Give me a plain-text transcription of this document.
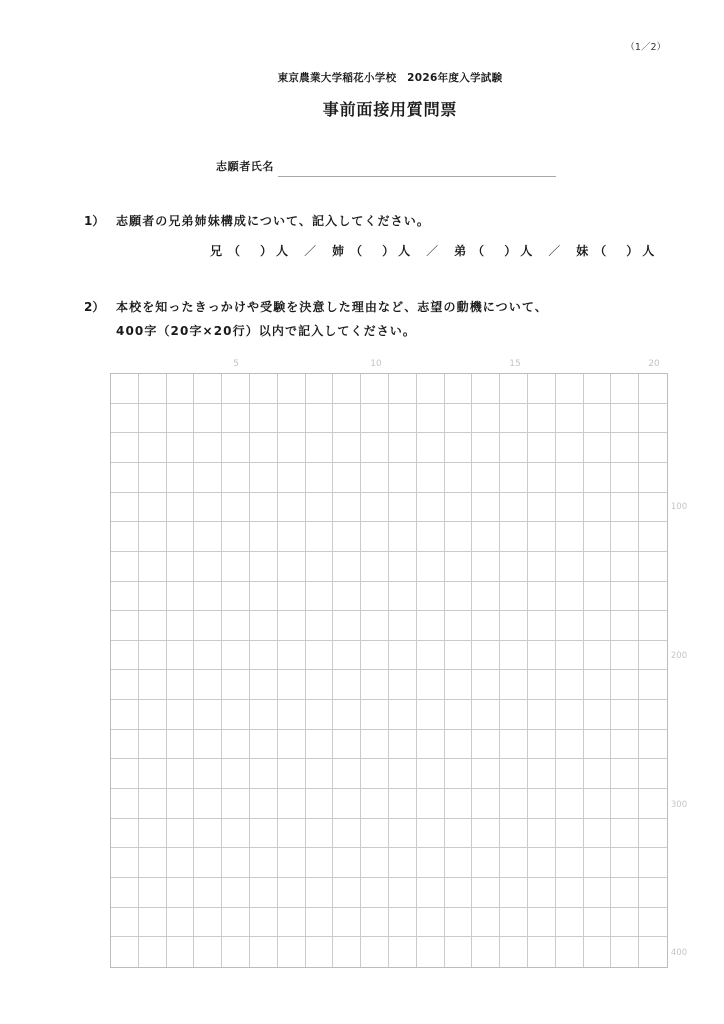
（1／2）
東京農業大学稲花小学校　2026年度入学試験
事前面接用質問票
志願者氏名
1） 志願者の兄弟姉妹構成について、記入してください。
兄 （ ） 人 ／ 姉 （ ） 人 ／ 弟 （ ） 人 ／ 妹 （ ） 人
2） 本校を知ったきっかけや受験を決意した理由など、志望の動機について、
400字（20字×20行）以内で記入してください。
5	10	15	20
100
200
300
400
